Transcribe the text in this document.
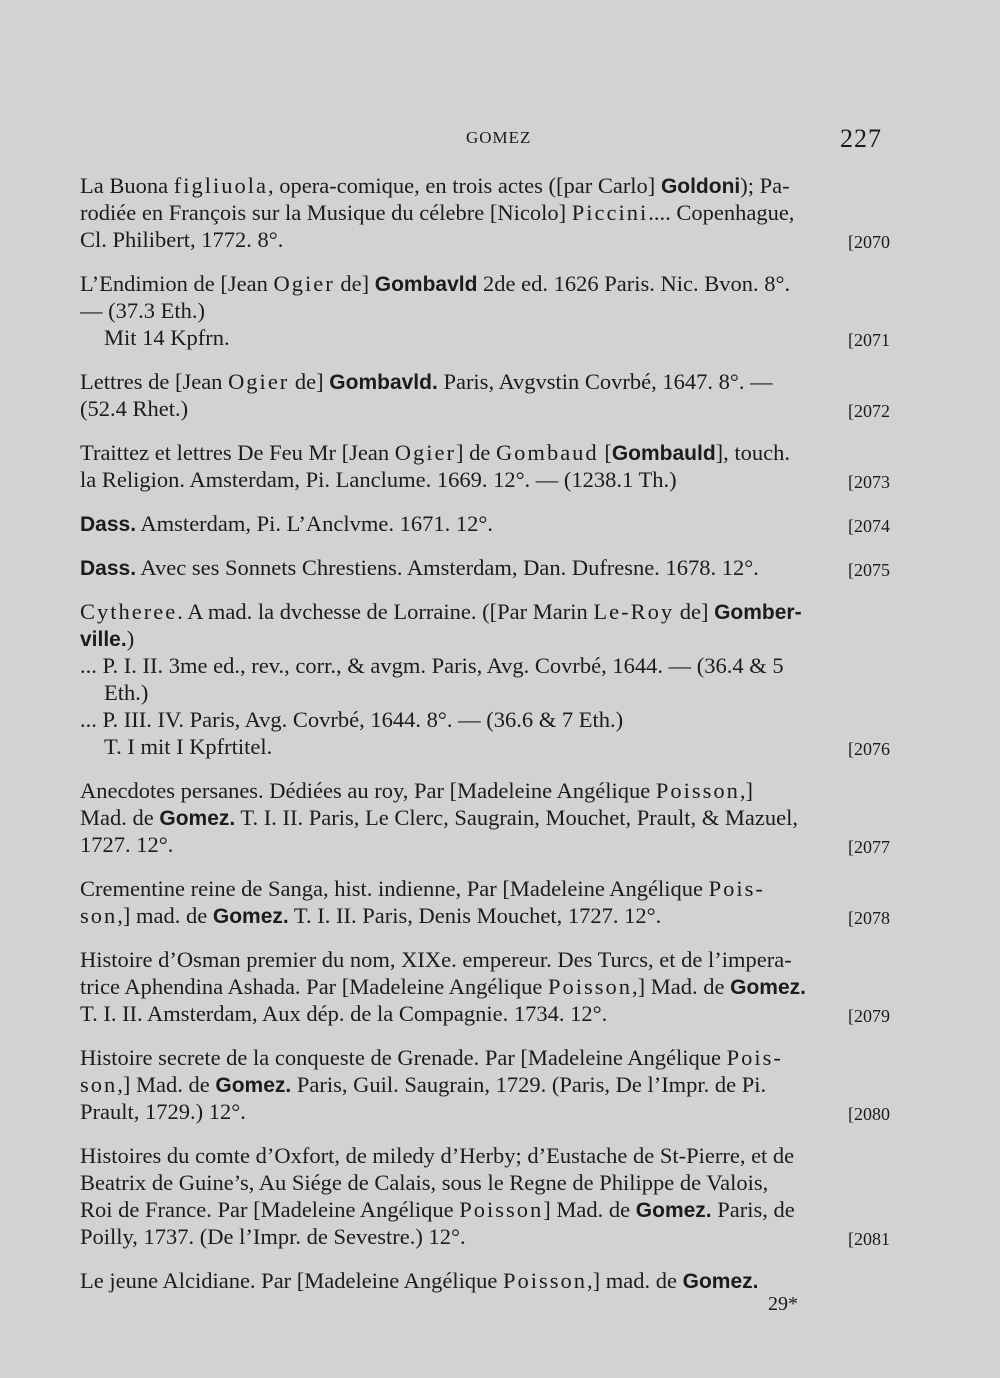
GOMEZ	227
La Buona figliuola, opera-comique, en trois actes ([par Carlo] Goldoni); Pa-
rodiée en François sur la Musique du célebre [Nicolo] Piccini.... Copenhague,
Cl. Philibert, 1772. 8°.	[2070
L’Endimion de [Jean Ogier de] Gombavld 2de ed. 1626 Paris. Nic. Bvon. 8°.
— (37.3 Eth.)
Mit 14 Kpfrn.	[2071
Lettres de [Jean Ogier de] Gombavld. Paris, Avgvstin Covrbé, 1647. 8°. —
(52.4 Rhet.)	[2072
Traittez et lettres De Feu Mr [Jean Ogier] de Gombaud [Gombauld], touch.
la Religion. Amsterdam, Pi. Lanclume. 1669. 12°. — (1238.1 Th.)	[2073
Dass. Amsterdam, Pi. L’Anclvme. 1671. 12°.	[2074
Dass. Avec ses Sonnets Chrestiens. Amsterdam, Dan. Dufresne. 1678. 12°.	[2075
Cytheree. A mad. la dvchesse de Lorraine. ([Par Marin Le-Roy de] Gomber-
ville.)
... P. I. II. 3me ed., rev., corr., & avgm. Paris, Avg. Covrbé, 1644. — (36.4 & 5
Eth.)
... P. III. IV. Paris, Avg. Covrbé, 1644. 8°. — (36.6 & 7 Eth.)
T. I mit I Kpfrtitel.	[2076
Anecdotes persanes. Dédiées au roy, Par [Madeleine Angélique Poisson,]
Mad. de Gomez. T. I. II. Paris, Le Clerc, Saugrain, Mouchet, Prault, & Mazuel,
1727. 12°.	[2077
Crementine reine de Sanga, hist. indienne, Par [Madeleine Angélique Pois-
son,] mad. de Gomez. T. I. II. Paris, Denis Mouchet, 1727. 12°.	[2078
Histoire d’Osman premier du nom, XIXe. empereur. Des Turcs, et de l’impera-
trice Aphendina Ashada. Par [Madeleine Angélique Poisson,] Mad. de Gomez.
T. I. II. Amsterdam, Aux dép. de la Compagnie. 1734. 12°.	[2079
Histoire secrete de la conqueste de Grenade. Par [Madeleine Angélique Pois-
son,] Mad. de Gomez. Paris, Guil. Saugrain, 1729. (Paris, De l’Impr. de Pi.
Prault, 1729.) 12°.	[2080
Histoires du comte d’Oxfort, de miledy d’Herby; d’Eustache de St-Pierre, et de
Beatrix de Guine’s, Au Siége de Calais, sous le Regne de Philippe de Valois,
Roi de France. Par [Madeleine Angélique Poisson] Mad. de Gomez. Paris, de
Poilly, 1737. (De l’Impr. de Sevestre.) 12°.	[2081
Le jeune Alcidiane. Par [Madeleine Angélique Poisson,] mad. de Gomez.
29*
